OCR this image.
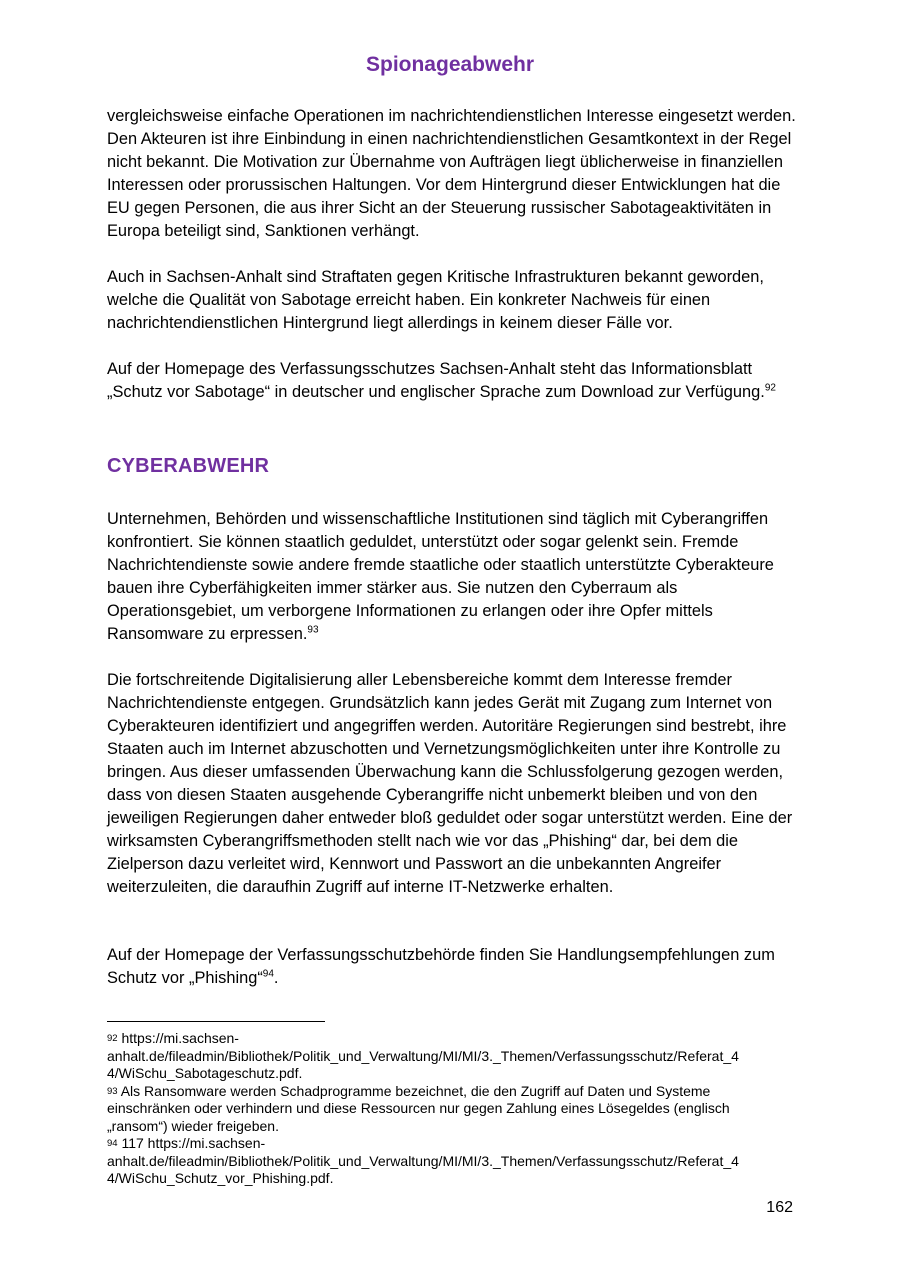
Spionageabwehr
vergleichsweise einfache Operationen im nachrichtendienstlichen Interesse eingesetzt werden. Den Akteuren ist ihre Einbindung in einen nachrichtendienstlichen Gesamtkontext in der Regel nicht bekannt. Die Motivation zur Übernahme von Aufträgen liegt üblicherweise in finanziellen Interessen oder prorussischen Haltungen. Vor dem Hintergrund dieser Entwicklungen hat die EU gegen Personen, die aus ihrer Sicht an der Steuerung russischer Sabotageaktivitäten in Europa beteiligt sind, Sanktionen verhängt.
Auch in Sachsen-Anhalt sind Straftaten gegen Kritische Infrastrukturen bekannt geworden, welche die Qualität von Sabotage erreicht haben. Ein konkreter Nachweis für einen nachrichtendienstlichen Hintergrund liegt allerdings in keinem dieser Fälle vor.
Auf der Homepage des Verfassungsschutzes Sachsen-Anhalt steht das Informationsblatt „Schutz vor Sabotage“ in deutscher und englischer Sprache zum Download zur Verfügung.$^{92}$
CYBERABWEHR
Unternehmen, Behörden und wissenschaftliche Institutionen sind täglich mit Cyberangriffen konfrontiert. Sie können staatlich geduldet, unterstützt oder sogar gelenkt sein. Fremde Nachrichtendienste sowie andere fremde staatliche oder staatlich unterstützte Cyberakteure bauen ihre Cyberfähigkeiten immer stärker aus. Sie nutzen den Cyberraum als Operationsgebiet, um verborgene Informationen zu erlangen oder ihre Opfer mittels Ransomware zu erpressen.$^{93}$
Die fortschreitende Digitalisierung aller Lebensbereiche kommt dem Interesse fremder Nachrichtendienste entgegen. Grundsätzlich kann jedes Gerät mit Zugang zum Internet von Cyberakteuren identifiziert und angegriffen werden. Autoritäre Regierungen sind bestrebt, ihre Staaten auch im Internet abzuschotten und Vernetzungsmöglichkeiten unter ihre Kontrolle zu bringen. Aus dieser umfassenden Überwachung kann die Schlussfolgerung gezogen werden, dass von diesen Staaten ausgehende Cyberangriffe nicht unbemerkt bleiben und von den jeweiligen Regierungen daher entweder bloß geduldet oder sogar unterstützt werden. Eine der wirksamsten Cyberangriffsmethoden stellt nach wie vor das „Phishing“ dar, bei dem die Zielperson dazu verleitet wird, Kennwort und Passwort an die unbekannten Angreifer weiterzuleiten, die daraufhin Zugriff auf interne IT-Netzwerke erhalten.
Auf der Homepage der Verfassungsschutzbehörde finden Sie Handlungsempfehlungen zum Schutz vor „Phishing“$^{94}$.
92 https://mi.sachsen-
anhalt.de/fileadmin/Bibliothek/Politik_und_Verwaltung/MI/MI/3._Themen/Verfassungsschutz/Referat_4
4/WiSchu_Sabotageschutz.pdf.
93 Als Ransomware werden Schadprogramme bezeichnet, die den Zugriff auf Daten und Systeme
einschränken oder verhindern und diese Ressourcen nur gegen Zahlung eines Lösegeldes (englisch
„ransom“) wieder freigeben.
94 117 https://mi.sachsen-
anhalt.de/fileadmin/Bibliothek/Politik_und_Verwaltung/MI/MI/3._Themen/Verfassungsschutz/Referat_4
4/WiSchu_Schutz_vor_Phishing.pdf.
162
